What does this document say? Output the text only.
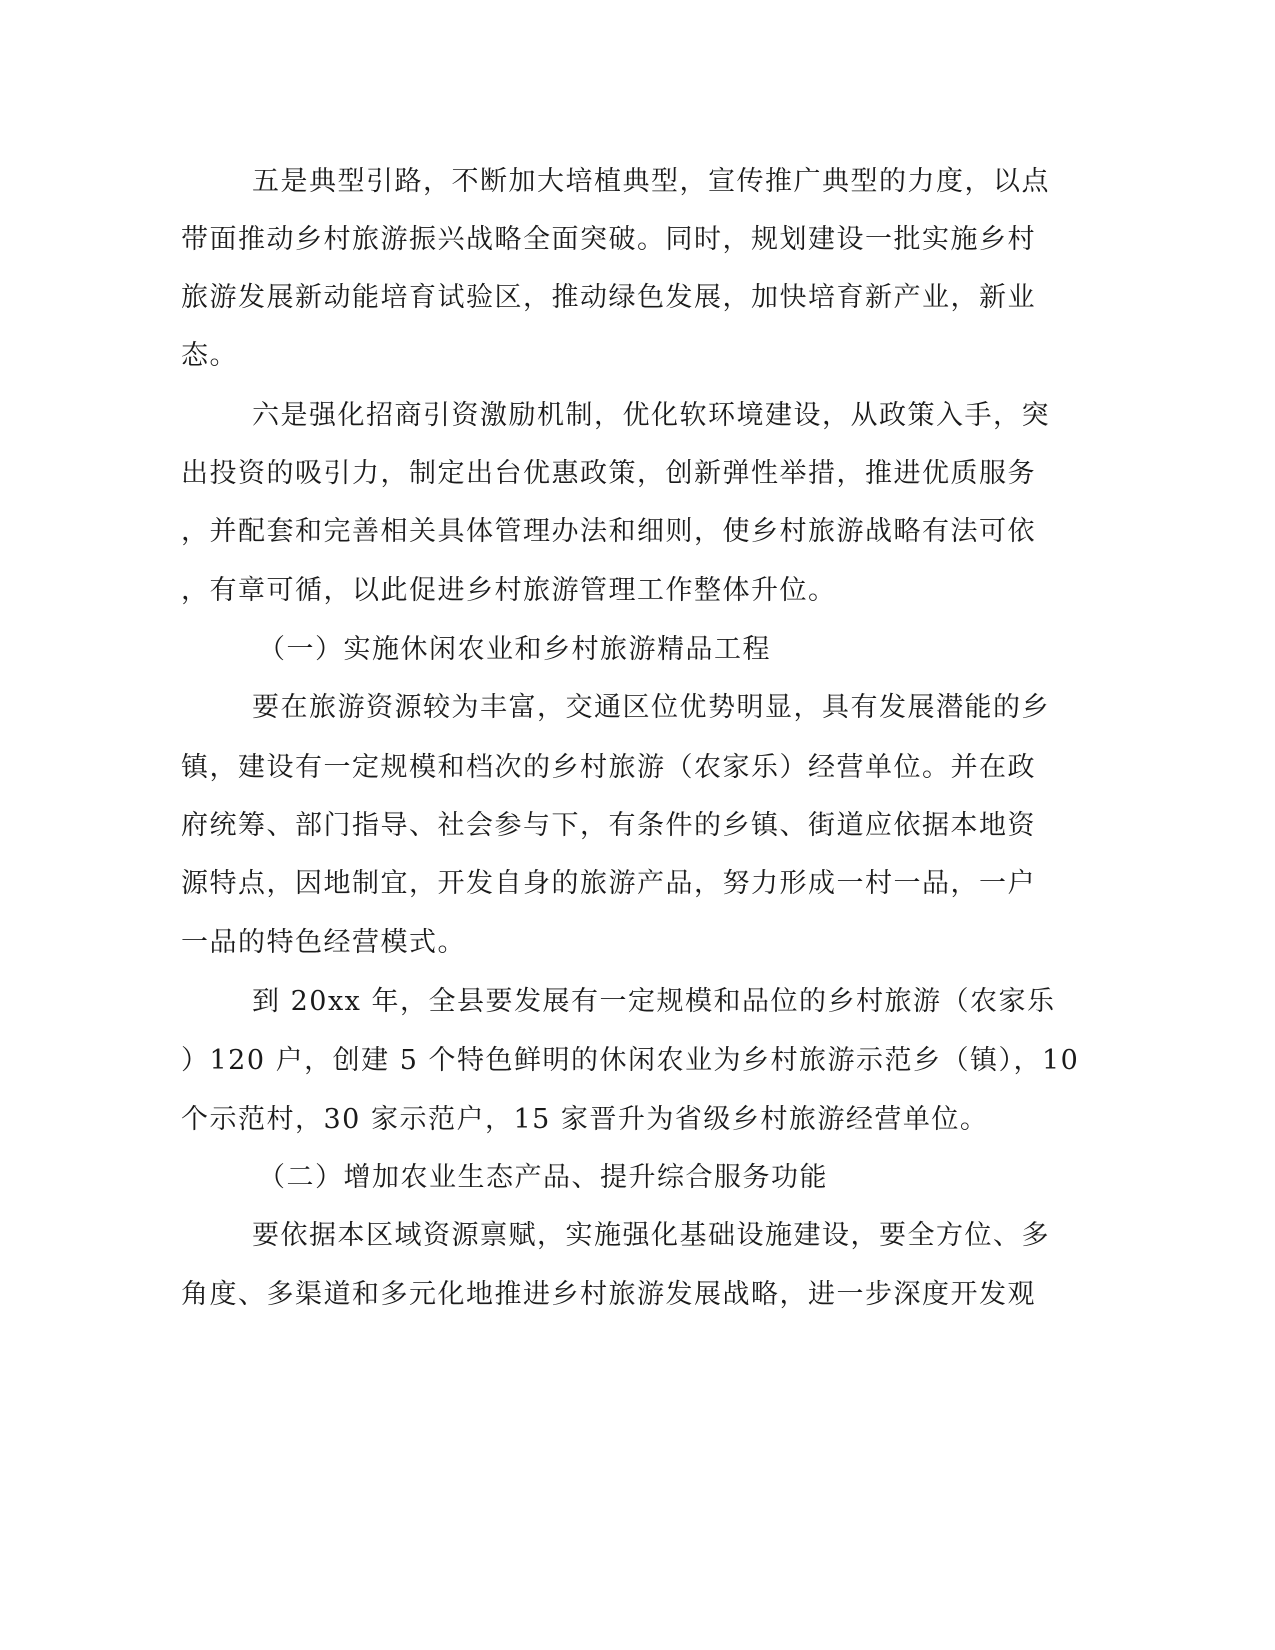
五是典型引路，不断加大培植典型，宣传推广典型的力度，以点
带面推动乡村旅游振兴战略全面突破。同时，规划建设一批实施乡村
旅游发展新动能培育试验区，推动绿色发展，加快培育新产业，新业
态。
六是强化招商引资激励机制，优化软环境建设，从政策入手，突
出投资的吸引力，制定出台优惠政策，创新弹性举措，推进优质服务
，并配套和完善相关具体管理办法和细则，使乡村旅游战略有法可依
，有章可循，以此促进乡村旅游管理工作整体升位。
（一）实施休闲农业和乡村旅游精品工程
要在旅游资源较为丰富，交通区位优势明显，具有发展潜能的乡
镇，建设有一定规模和档次的乡村旅游（农家乐）经营单位。并在政
府统筹、部门指导、社会参与下，有条件的乡镇、街道应依据本地资
源特点，因地制宜，开发自身的旅游产品，努力形成一村一品，一户
一品的特色经营模式。
到 20xx 年，全县要发展有一定规模和品位的乡村旅游（农家乐
）120 户，创建 5 个特色鲜明的休闲农业为乡村旅游示范乡（镇），10
个示范村，30 家示范户，15 家晋升为省级乡村旅游经营单位。
（二）增加农业生态产品、提升综合服务功能
要依据本区域资源禀赋，实施强化基础设施建设，要全方位、多
角度、多渠道和多元化地推进乡村旅游发展战略，进一步深度开发观
